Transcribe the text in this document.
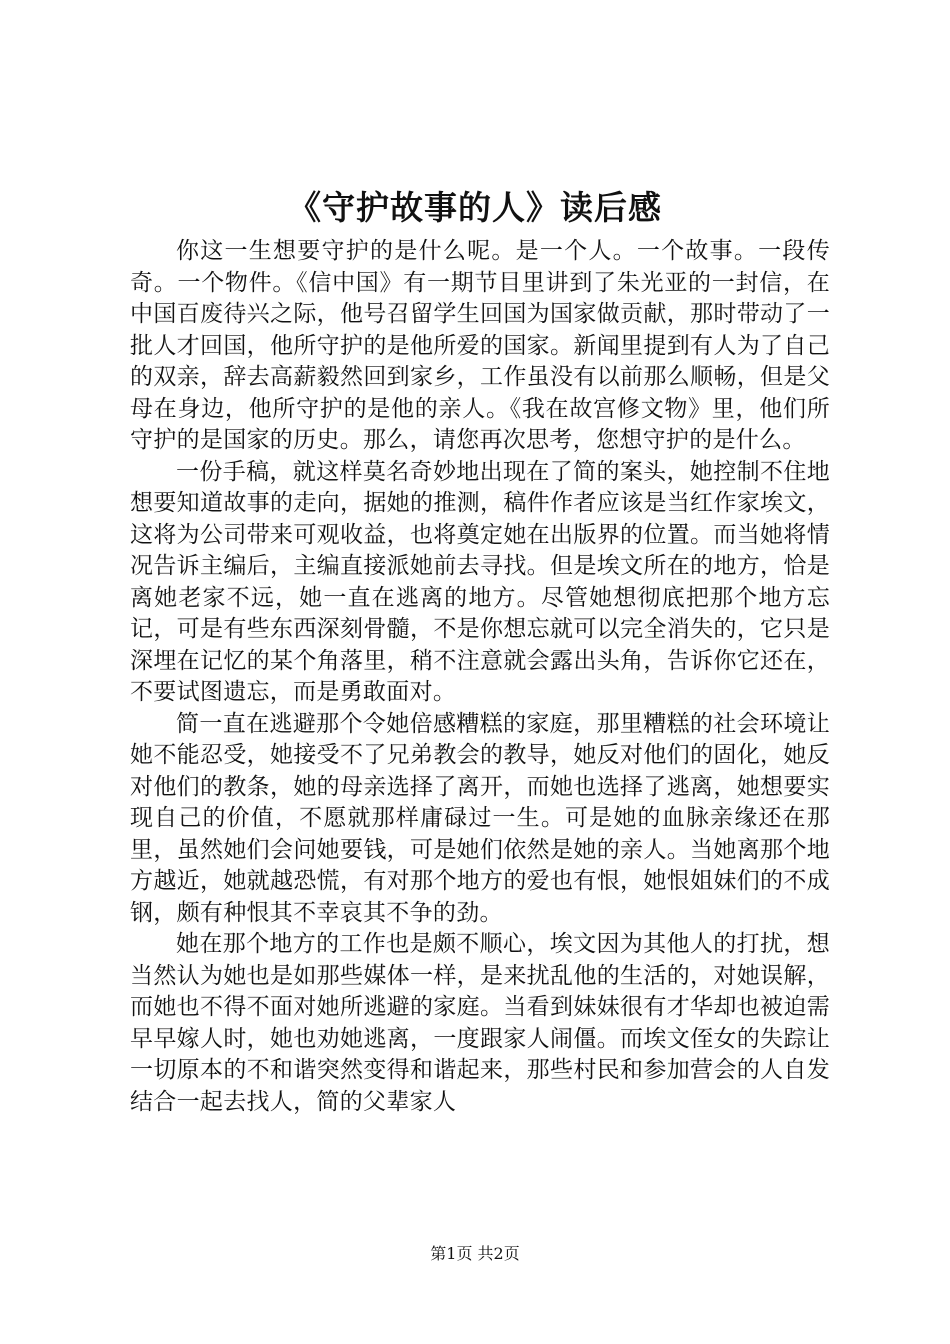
《守护故事的人》读后感

你这一生想要守护的是什么呢。是一个人。一个故事。一段传奇。一个物件。《信中国》有一期节目里讲到了朱光亚的一封信，在中国百废待兴之际，他号召留学生回国为国家做贡献，那时带动了一批人才回国，他所守护的是他所爱的国家。新闻里提到有人为了自己的双亲，辞去高薪毅然回到家乡，工作虽没有以前那么顺畅，但是父母在身边，他所守护的是他的亲人。《我在故宫修文物》里，他们所守护的是国家的历史。那么，请您再次思考，您想守护的是什么。

一份手稿，就这样莫名奇妙地出现在了简的案头，她控制不住地想要知道故事的走向，据她的推测，稿件作者应该是当红作家埃文，这将为公司带来可观收益，也将奠定她在出版界的位置。而当她将情况告诉主编后，主编直接派她前去寻找。但是埃文所在的地方，恰是离她老家不远，她一直在逃离的地方。尽管她想彻底把那个地方忘记，可是有些东西深刻骨髓，不是你想忘就可以完全消失的，它只是深埋在记忆的某个角落里，稍不注意就会露出头角，告诉你它还在，不要试图遗忘，而是勇敢面对。

简一直在逃避那个令她倍感糟糕的家庭，那里糟糕的社会环境让她不能忍受，她接受不了兄弟教会的教导，她反对他们的固化，她反对他们的教条，她的母亲选择了离开，而她也选择了逃离，她想要实现自己的价值，不愿就那样庸碌过一生。可是她的血脉亲缘还在那里，虽然她们会问她要钱，可是她们依然是她的亲人。当她离那个地方越近，她就越恐慌，有对那个地方的爱也有恨，她恨姐妹们的不成钢，颇有种恨其不幸哀其不争的劲。

她在那个地方的工作也是颇不顺心，埃文因为其他人的打扰，想当然认为她也是如那些媒体一样，是来扰乱他的生活的，对她误解，而她也不得不面对她所逃避的家庭。当看到妹妹很有才华却也被迫需早早嫁人时，她也劝她逃离，一度跟家人闹僵。而埃文侄女的失踪让一切原本的不和谐突然变得和谐起来，那些村民和参加营会的人自发结合一起去找人，简的父辈家人

第1页 共2页
